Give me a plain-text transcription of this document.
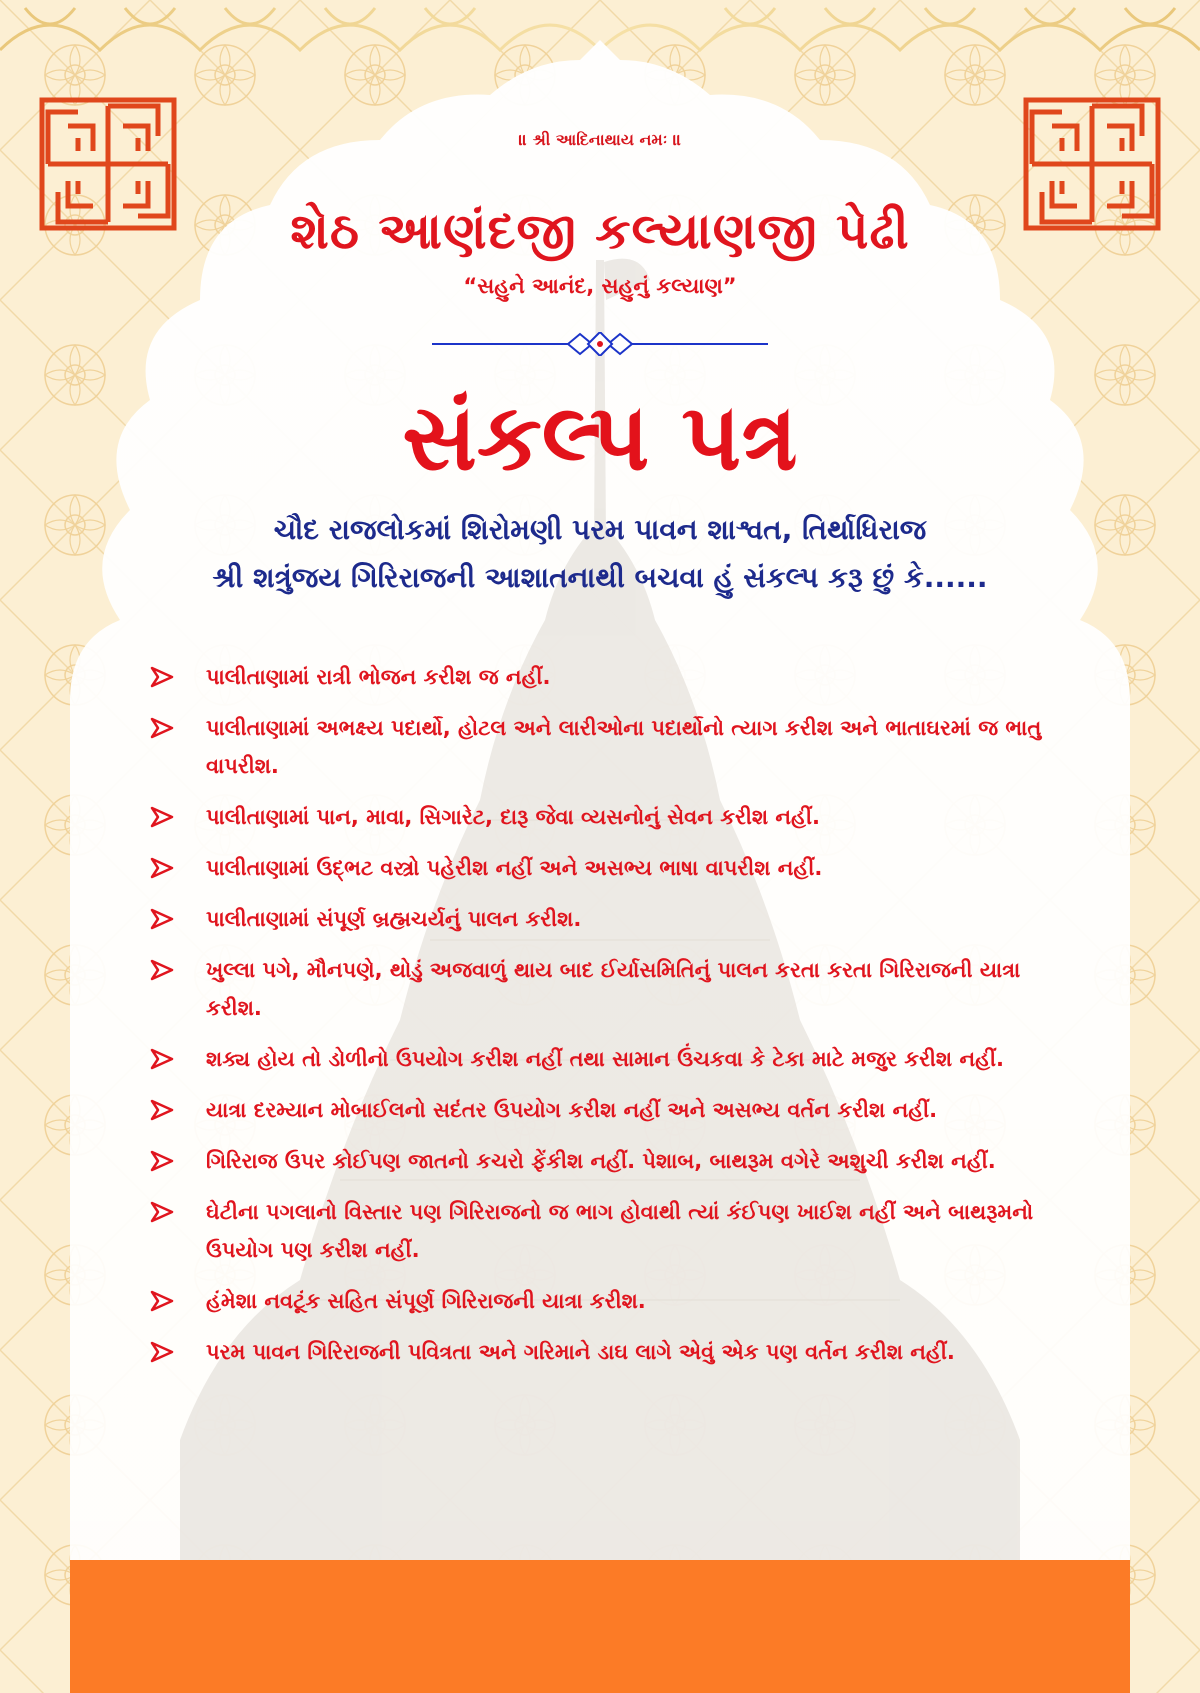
॥ શ્રી આદિનાથાય નમઃ ॥
શેઠ આણંદજી કલ્યાણજી પેઢી
“સહુને આનંદ, સહુનું કલ્યાણ”
સંકલ્પ પત્ર
ચૌદ રાજલોકમાં શિરોમણી પરમ પાવન શાશ્વત, તિર્થાધિરાજ
શ્રી શત્રુંજય ગિરિરાજની આશાતનાથી બચવા હું સંકલ્પ કરૂ છું કે......
પાલીતાણામાં રાત્રી ભોજન કરીશ જ નહીં.
પાલીતાણામાં અભક્ષ્ય પદાર્થો, હોટલ અને લારીઓના પદાર્થોનો ત્યાગ કરીશ અને ભાતાઘરમાં જ ભાતુ વાપરીશ.
પાલીતાણામાં પાન, માવા, સિગારેટ, દારૂ જેવા વ્યસનોનું સેવન કરીશ નહીં.
પાલીતાણામાં ઉદ્‌ભટ વસ્ત્રો પહેરીશ નહીં અને અસભ્ય ભાષા વાપરીશ નહીં.
પાલીતાણામાં સંપૂર્ણ બ્રહ્મચર્યનું પાલન કરીશ.
ખુલ્લા પગે, મૌનપણે, થોડું અજવાળું થાય બાદ ઈર્યાસમિતિનું પાલન કરતા કરતા ગિરિરાજની યાત્રા કરીશ.
શક્ય હોય તો ડોળીનો ઉપયોગ કરીશ નહીં તથા સામાન ઉંચકવા કે ટેકા માટે મજુર કરીશ નહીં.
યાત્રા દરમ્યાન મોબાઈલનો સદંતર ઉપયોગ કરીશ નહીં અને અસભ્ય વર્તન કરીશ નહીં.
ગિરિરાજ ઉપર કોઈપણ જાતનો કચરો ફેંકીશ નહીં. પેશાબ, બાથરૂમ વગેરે અશુચી કરીશ નહીં.
ઘેટીના પગલાનો વિસ્તાર પણ ગિરિરાજનો જ ભાગ હોવાથી ત્યાં કંઈપણ ખાઈશ નહીં અને બાથરૂમનો ઉપયોગ પણ કરીશ નહીં.
હંમેશા નવટૂંક સહિત સંપૂર્ણ ગિરિરાજની યાત્રા કરીશ.
પરમ પાવન ગિરિરાજની પવિત્રતા અને ગરિમાને ડાઘ લાગે એવું એક પણ વર્તન કરીશ નહીં.
